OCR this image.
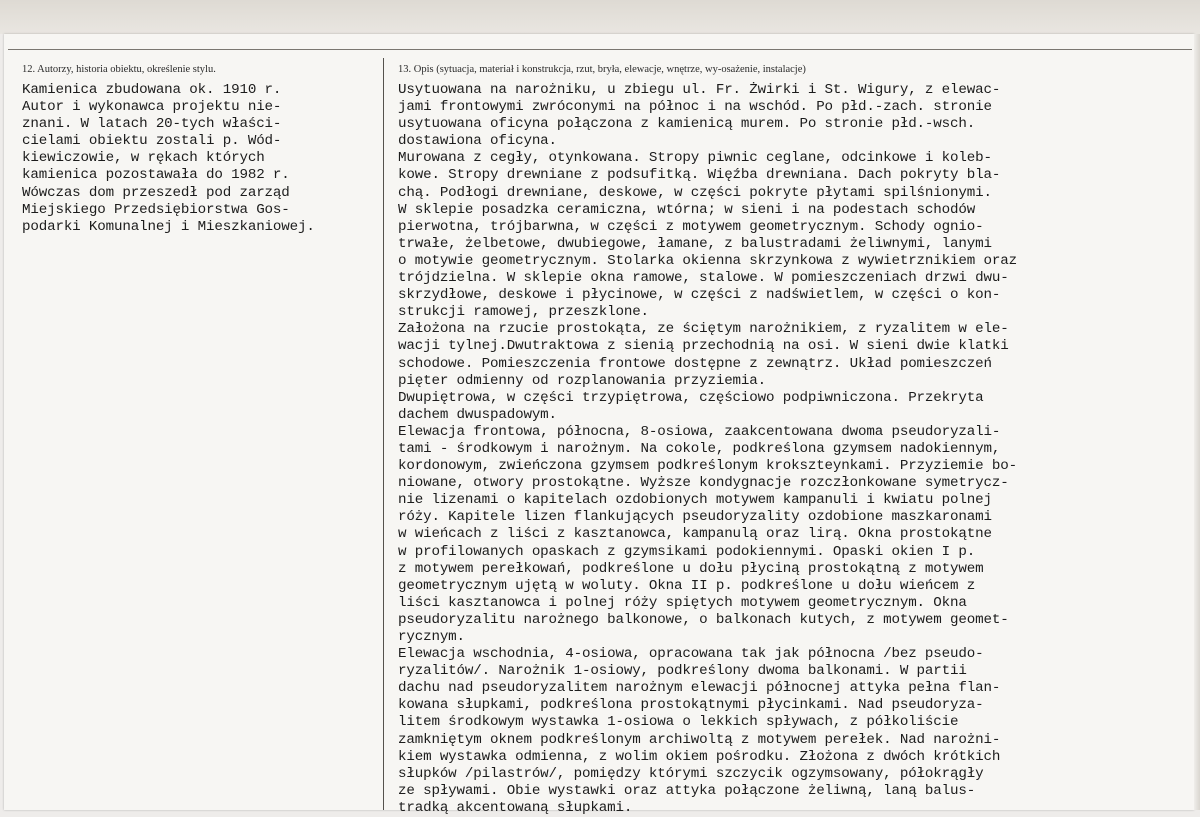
12. Autorzy, historia obiektu, określenie stylu.	13. Opis (sytuacja, materiał i konstrukcja, rzut, bryła, elewacje, wnętrze, wy-osażenie, instalacje)
Kamienica zbudowana ok. 1910 r.
Autor i wykonawca projektu nie-
znani. W latach 20-tych właści-
cielami obiektu zostali p. Wód-
kiewiczowie, w rękach których
kamienica pozostawała do 1982 r.
Wówczas dom przeszedł pod zarząd
Miejskiego Przedsiębiorstwa Gos-
podarki Komunalnej i Mieszkaniowej.
Usytuowana na narożniku, u zbiegu ul. Fr. Żwirki i St. Wigury, z elewac-
jami frontowymi zwróconymi na północ i na wschód. Po płd.-zach. stronie
usytuowana oficyna połączona z kamienicą murem. Po stronie płd.-wsch.
dostawiona oficyna.
Murowana z cegły, otynkowana. Stropy piwnic ceglane, odcinkowe i koleb-
kowe. Stropy drewniane z podsufitką. Więźba drewniana. Dach pokryty bla-
chą. Podłogi drewniane, deskowe, w części pokryte płytami spilśnionymi.
W sklepie posadzka ceramiczna, wtórna; w sieni i na podestach schodów
pierwotna, trójbarwna, w części z motywem geometrycznym. Schody ognio-
trwałe, żelbetowe, dwubiegowe, łamane, z balustradami żeliwnymi, lanymi
o motywie geometrycznym. Stolarka okienna skrzynkowa z wywietrznikiem oraz
trójdzielna. W sklepie okna ramowe, stalowe. W pomieszczeniach drzwi dwu-
skrzydłowe, deskowe i płycinowe, w części z nadświetlem, w części o kon-
strukcji ramowej, przeszklone.
Założona na rzucie prostokąta, ze ściętym narożnikiem, z ryzalitem w ele-
wacji tylnej.Dwutraktowa z sienią przechodnią na osi. W sieni dwie klatki
schodowe. Pomieszczenia frontowe dostępne z zewnątrz. Układ pomieszczeń
pięter odmienny od rozplanowania przyziemia.
Dwupiętrowa, w części trzypiętrowa, częściowo podpiwniczona. Przekryta
dachem dwuspadowym.
Elewacja frontowa, północna, 8-osiowa, zaakcentowana dwoma pseudoryzali-
tami - środkowym i narożnym. Na cokole, podkreślona gzymsem nadokiennym,
kordonowym, zwieńczona gzymsem podkreślonym krokszteynkami. Przyziemie bo-
niowane, otwory prostokątne. Wyższe kondygnacje rozczłonkowane symetrycz-
nie lizenami o kapitelach ozdobionych motywem kampanuli i kwiatu polnej
róży. Kapitele lizen flankujących pseudoryzality ozdobione maszkaronami
w wieńcach z liści z kasztanowca, kampanulą oraz lirą. Okna prostokątne
w profilowanych opaskach z gzymsikami podokiennymi. Opaski okien I p.
z motywem perełkowań, podkreślone u dołu płyciną prostokątną z motywem
geometrycznym ujętą w woluty. Okna II p. podkreślone u dołu wieńcem z
liści kasztanowca i polnej róży spiętych motywem geometrycznym. Okna
pseudoryzalitu narożnego balkonowe, o balkonach kutych, z motywem geomet-
rycznym.
Elewacja wschodnia, 4-osiowa, opracowana tak jak północna /bez pseudo-
ryzalitów/. Narożnik 1-osiowy, podkreślony dwoma balkonami. W partii
dachu nad pseudoryzalitem narożnym elewacji północnej attyka pełna flan-
kowana słupkami, podkreślona prostokątnymi płycinkami. Nad pseudoryza-
litem środkowym wystawka 1-osiowa o lekkich spływach, z półkoliście
zamkniętym oknem podkreślonym archiwoltą z motywem perełek. Nad narożni-
kiem wystawka odmienna, z wolim okiem pośrodku. Złożona z dwóch krótkich
słupków /pilastrów/, pomiędzy którymi szczycik ogzymsowany, półokrągły
ze spływami. Obie wystawki oraz attyka połączone żeliwną, laną balus-
tradką akcentowaną słupkami.
